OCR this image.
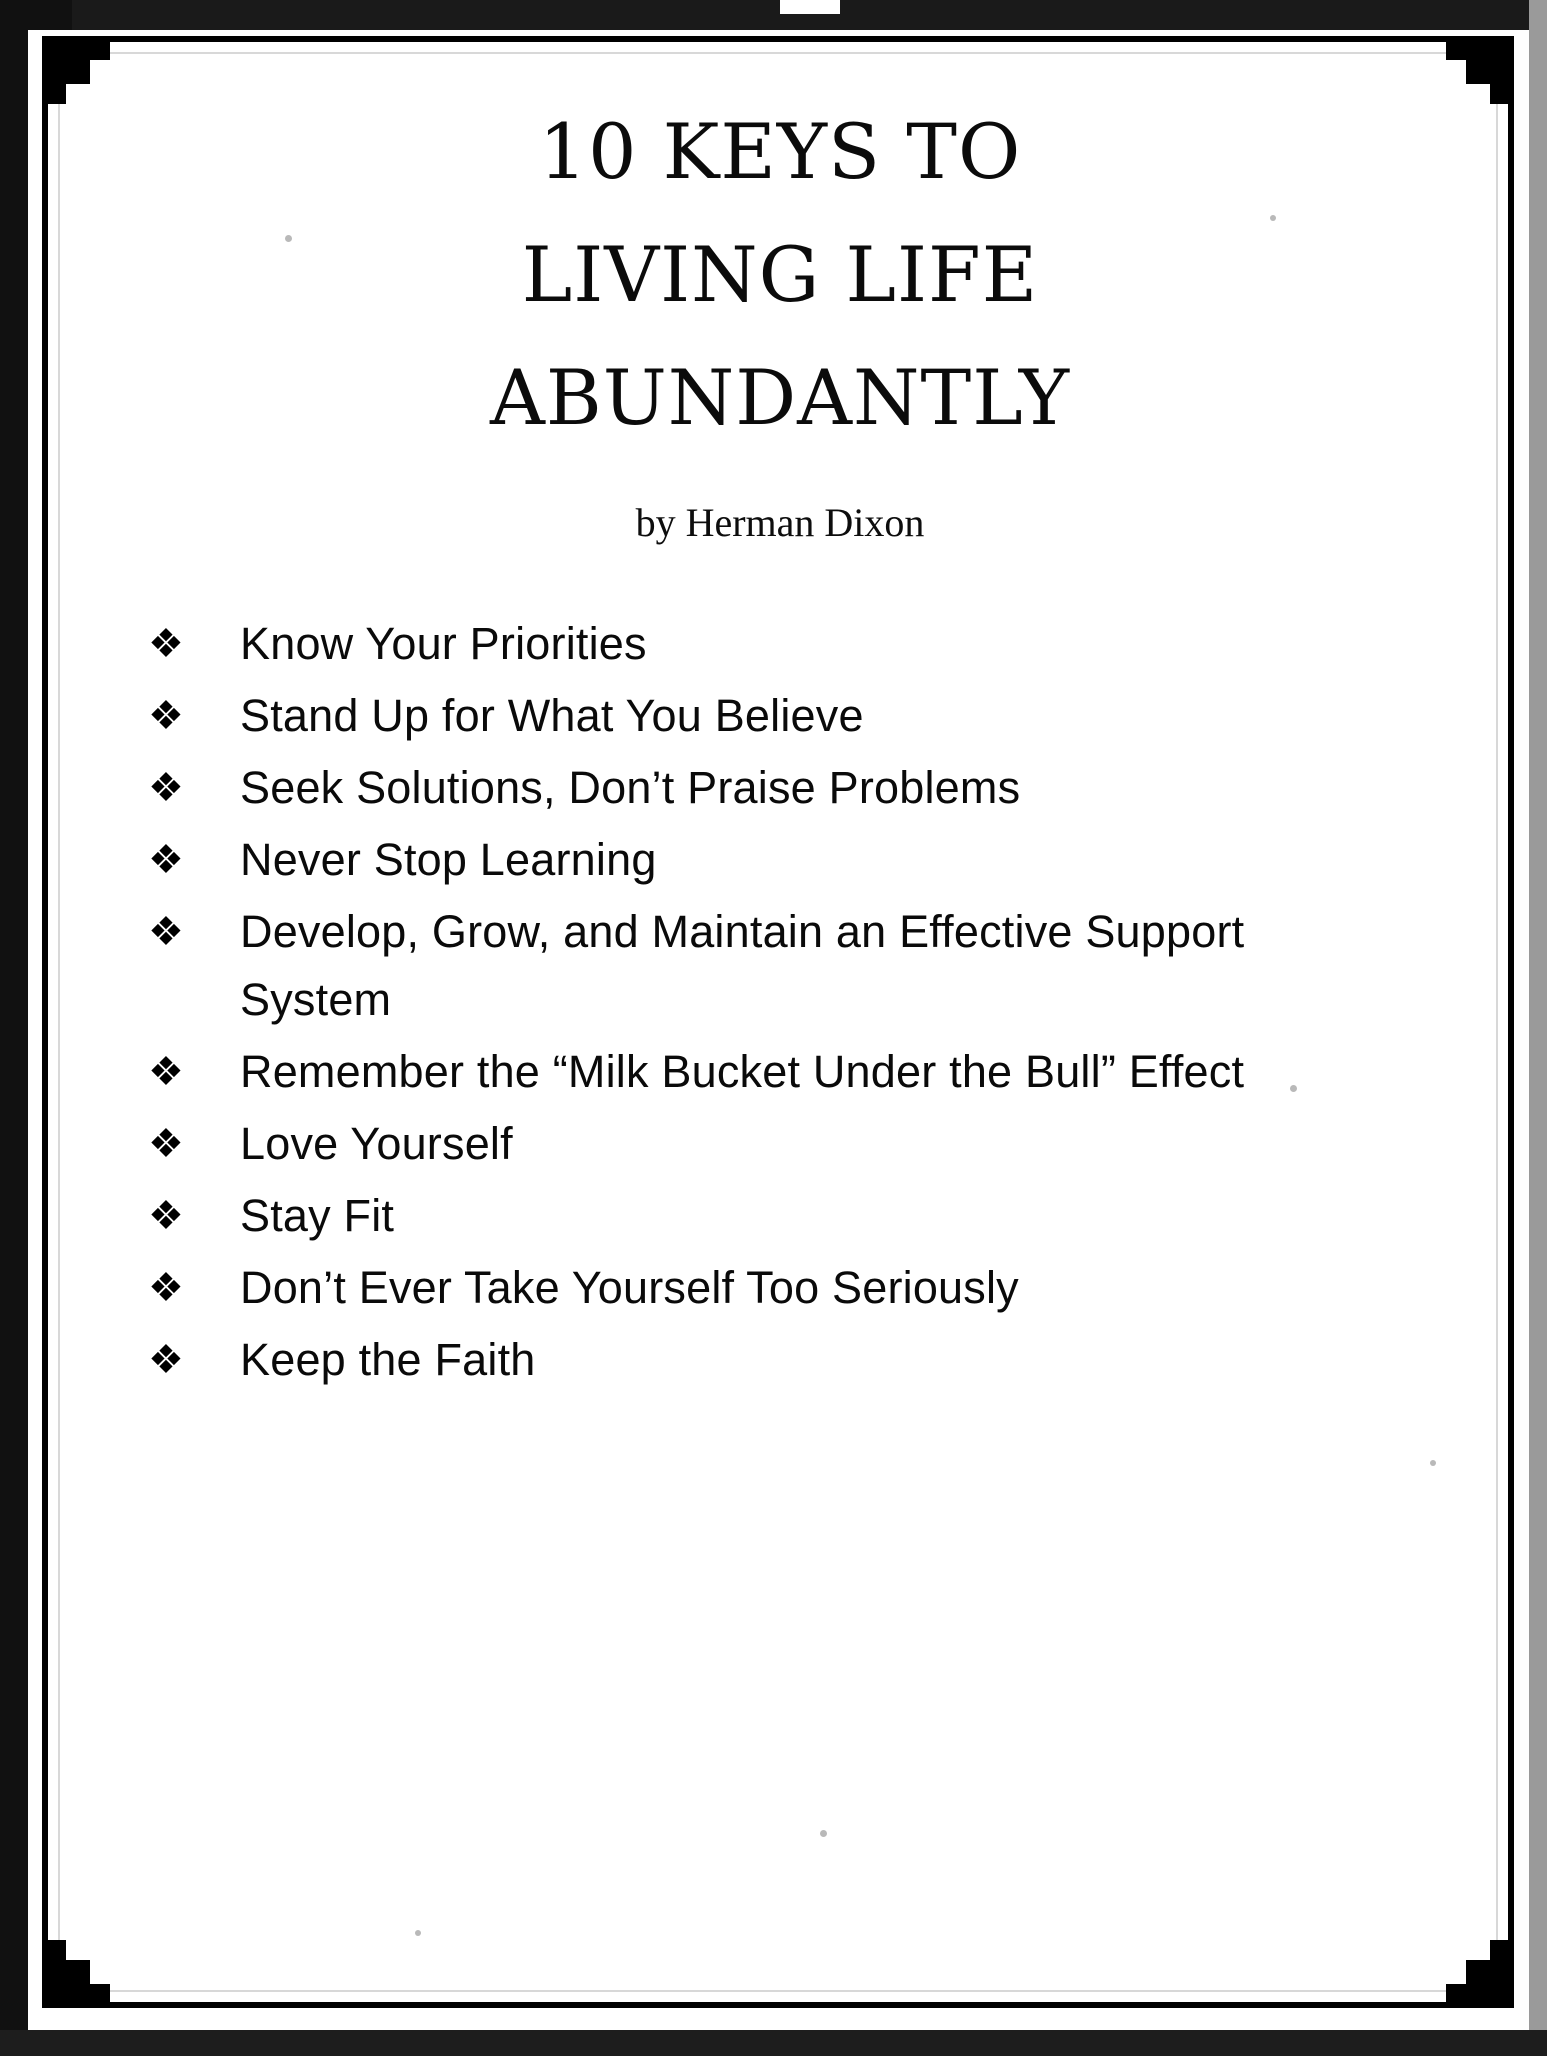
10 KEYS TO
LIVING LIFE
ABUNDANTLY
by Herman Dixon
❖	Know Your Priorities
❖	Stand Up for What You Believe
❖	Seek Solutions, Don’t Praise Problems
❖	Never Stop Learning
❖	Develop, Grow, and Maintain an Effective Support System
❖	Remember the “Milk Bucket Under the Bull” Effect
❖	Love Yourself
❖	Stay Fit
❖	Don’t Ever Take Yourself Too Seriously
❖	Keep the Faith
